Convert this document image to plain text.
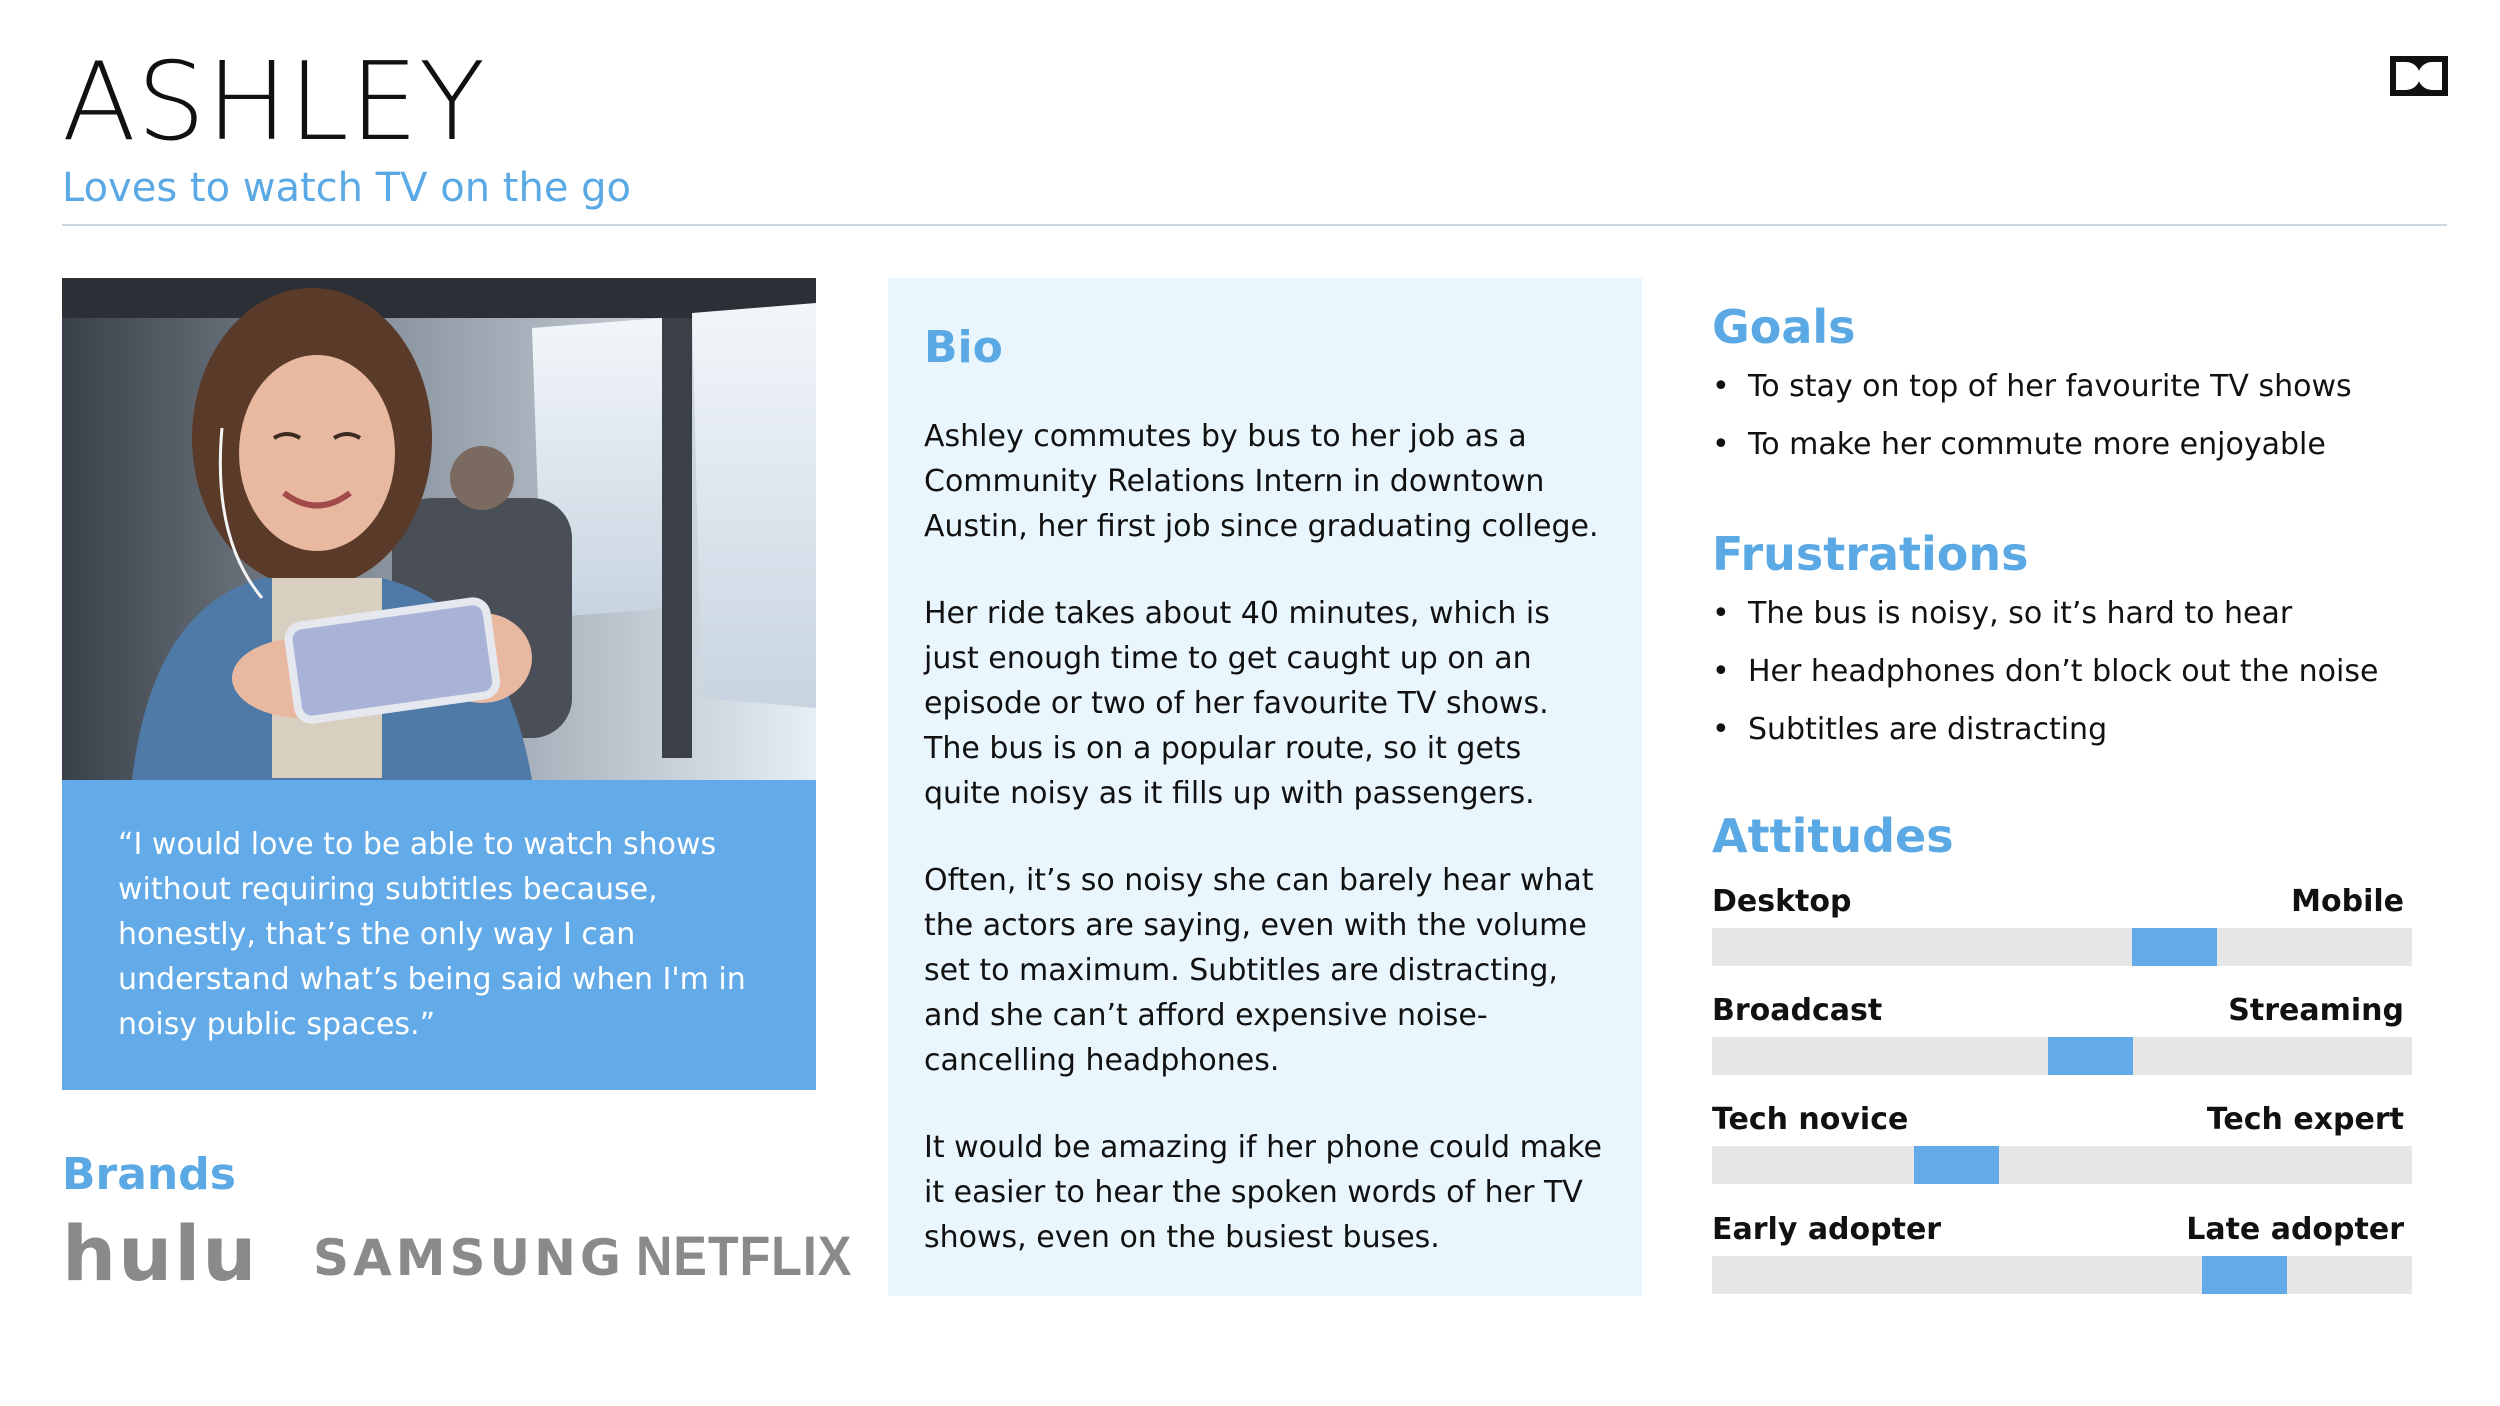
ASHLEY

Loves to watch TV on the go

“I would love to be able to watch shows without requiring subtitles because, honestly, that’s the only way I can understand what’s being said when I'm in noisy public spaces.”

Brands
hulu SAMSUNG NETFLIX
Bio

Ashley commutes by bus to her job as a Community Relations Intern in downtown Austin, her first job since graduating college.

Her ride takes about 40 minutes, which is just enough time to get caught up on an episode or two of her favourite TV shows. The bus is on a popular route, so it gets quite noisy as it fills up with passengers.

Often, it’s so noisy she can barely hear what the actors are saying, even with the volume set to maximum. Subtitles are distracting, and she can’t afford expensive noise-cancelling headphones.

It would be amazing if her phone could make it easier to hear the spoken words of her TV shows, even on the busiest buses.

Goals
• To stay on top of her favourite TV shows
• To make her commute more enjoyable
Frustrations
• The bus is noisy, so it’s hard to hear
• Her headphones don’t block out the noise
• Subtitles are distracting
Attitudes
Desktop	Mobile
Broadcast	Streaming
Tech novice	Tech expert
Early adopter	Late adopter
